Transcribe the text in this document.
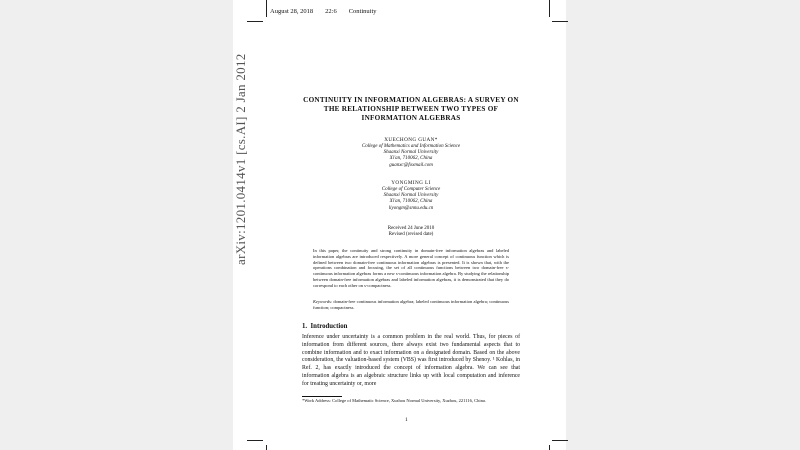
August 28, 2018 22:6 Continuity
arXiv:1201.0414v1 [cs.AI] 2 Jan 2012	CONTINUITY IN INFORMATION ALGEBRAS: A SURVEY ON
THE RELATIONSHIP BETWEEN TWO TYPES OF
INFORMATION ALGEBRAS
XUECHONG GUAN*
College of Mathematics and Information Science
Shaanxi Normal University
Xi'an, 710062, China
guanxc@foxmail.com
YONGMING LI
College of Computer Science
Shaanxi Normal University
Xi'an, 710062, China
liyongm@snnu.edu.cn
Received 24 June 2010
Revised (revised date)
In this paper, the continuity and strong continuity in domain-free information algebras and labeled information algebras are introduced respectively. A more general concept of continuous function which is defined between two domain-free continuous information algebras is presented. It is shown that, with the operations combination and focusing, the set of all continuous functions between two domain-free s-continuous information algebras forms a new s-continuous information algebra. By studying the relationship between domain-free information algebras and labeled information algebras, it is demonstrated that they do correspond to each other on s-compactness.
Keywords: domain-free continuous information algebra; labeled continuous information algebra; continuous function; compactness.
1. Introduction
Inference under uncertainty is a common problem in the real world. Thus, for pieces of information from different sources, there always exist two fundamental aspects that to combine information and to exact information on a designated domain. Based on the above consideration, the valuation-based system (VBS) was first introduced by Shenoy. ¹ Kohlas, in Ref. 2, has exactly introduced the concept of information algebra. We can see that information algebra is an algebraic structure links up with local computation and inference for treating uncertainty or, more
*Work Address: College of Mathematic Science, Xuzhou Normal University, Xuzhou, 221116, China.
1
